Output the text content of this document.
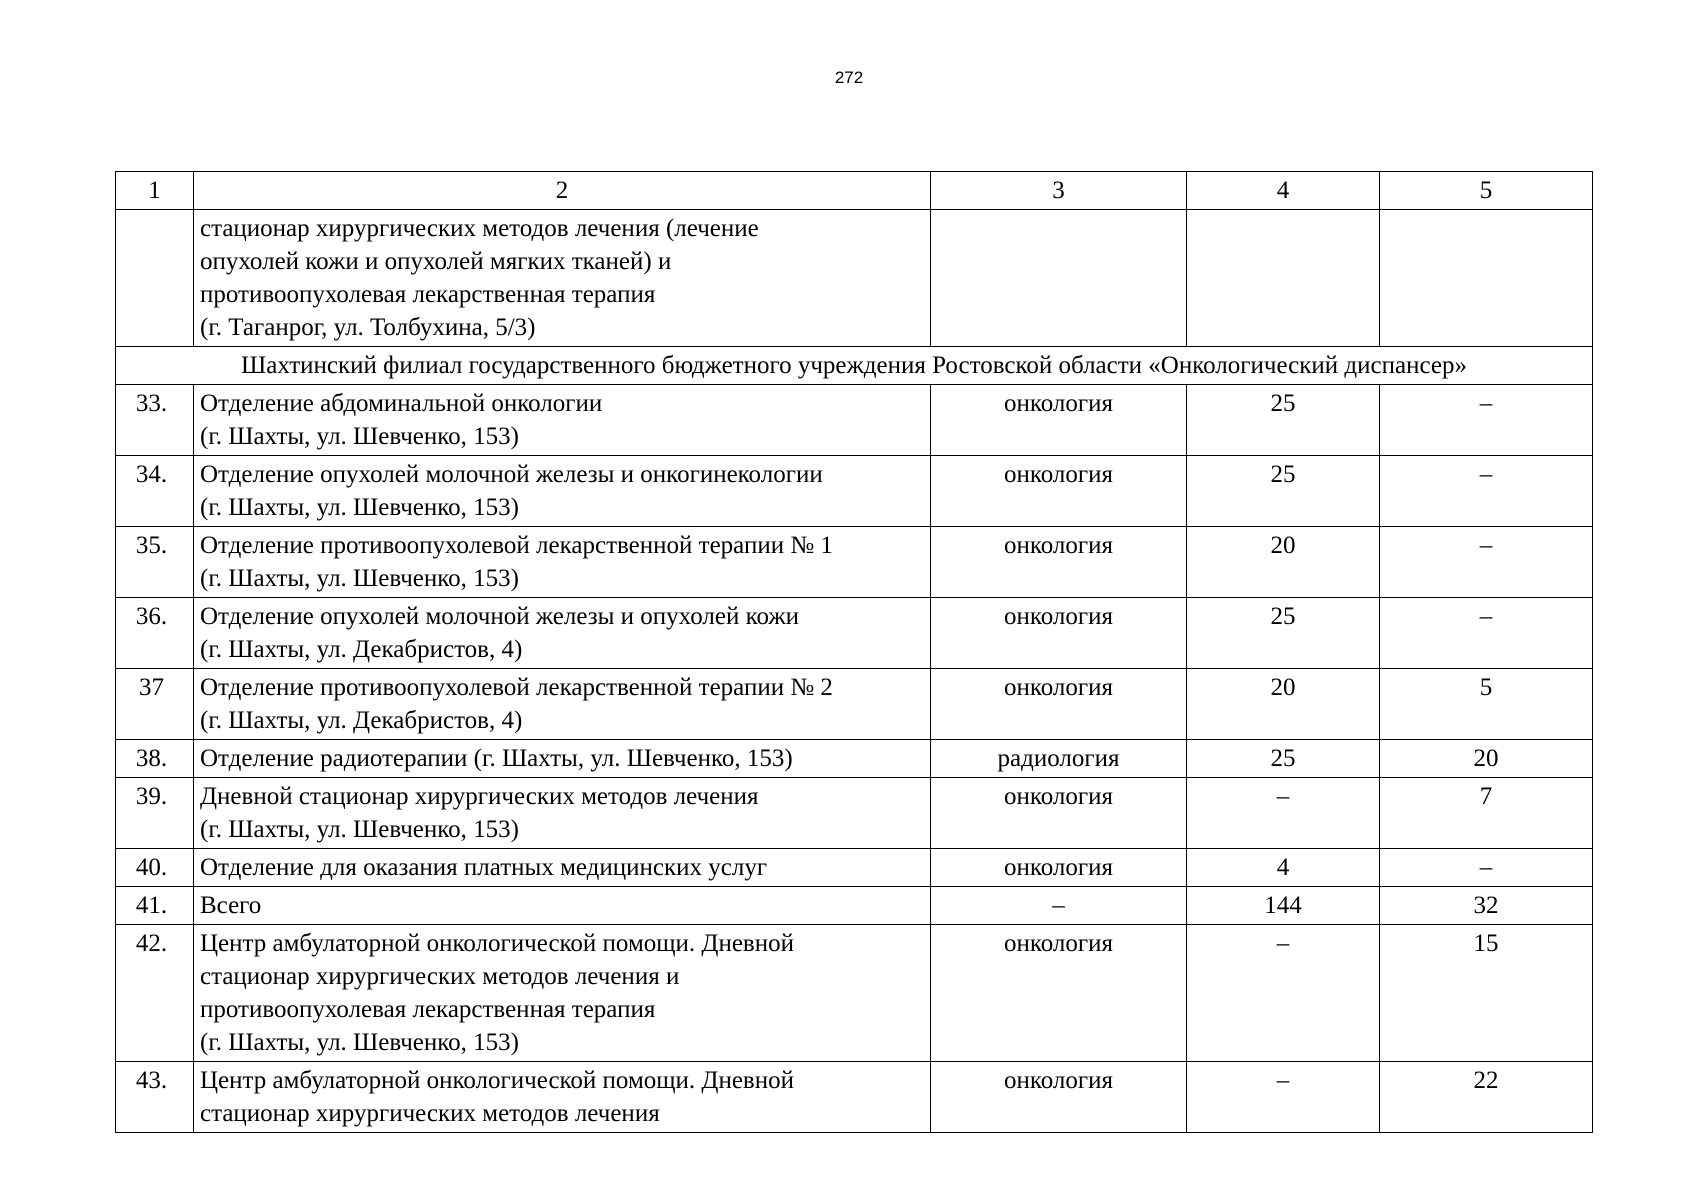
272
1	2	3	4	5
	стационар хирургических методов лечения (лечение
опухолей кожи и опухолей мягких тканей) и
противоопухолевая лекарственная терапия
(г. Таганрог, ул. Толбухина, 5/3)			
Шахтинский филиал государственного бюджетного учреждения Ростовской области «Онкологический диспансер»				
33.	Отделение абдоминальной онкологии
(г. Шахты, ул. Шевченко, 153)	онкология	25	–
34.	Отделение опухолей молочной железы и онкогинекологии
(г. Шахты, ул. Шевченко, 153)	онкология	25	–
35.	Отделение противоопухолевой лекарственной терапии № 1
(г. Шахты, ул. Шевченко, 153)	онкология	20	–
36.	Отделение опухолей молочной железы и опухолей кожи
(г. Шахты, ул. Декабристов, 4)	онкология	25	–
37	Отделение противоопухолевой лекарственной терапии № 2
(г. Шахты, ул. Декабристов, 4)	онкология	20	5
38.	Отделение радиотерапии (г. Шахты, ул. Шевченко, 153)	радиология	25	20
39.	Дневной стационар хирургических методов лечения
(г. Шахты, ул. Шевченко, 153)	онкология	–	7
40.	Отделение для оказания платных медицинских услуг	онкология	4	–
41.	Всего	–	144	32
42.	Центр амбулаторной онкологической помощи. Дневной
стационар хирургических методов лечения и
противоопухолевая лекарственная терапия
(г. Шахты, ул. Шевченко, 153)	онкология	–	15
43.	Центр амбулаторной онкологической помощи. Дневной
стационар хирургических методов лечения	онкология	–	22
